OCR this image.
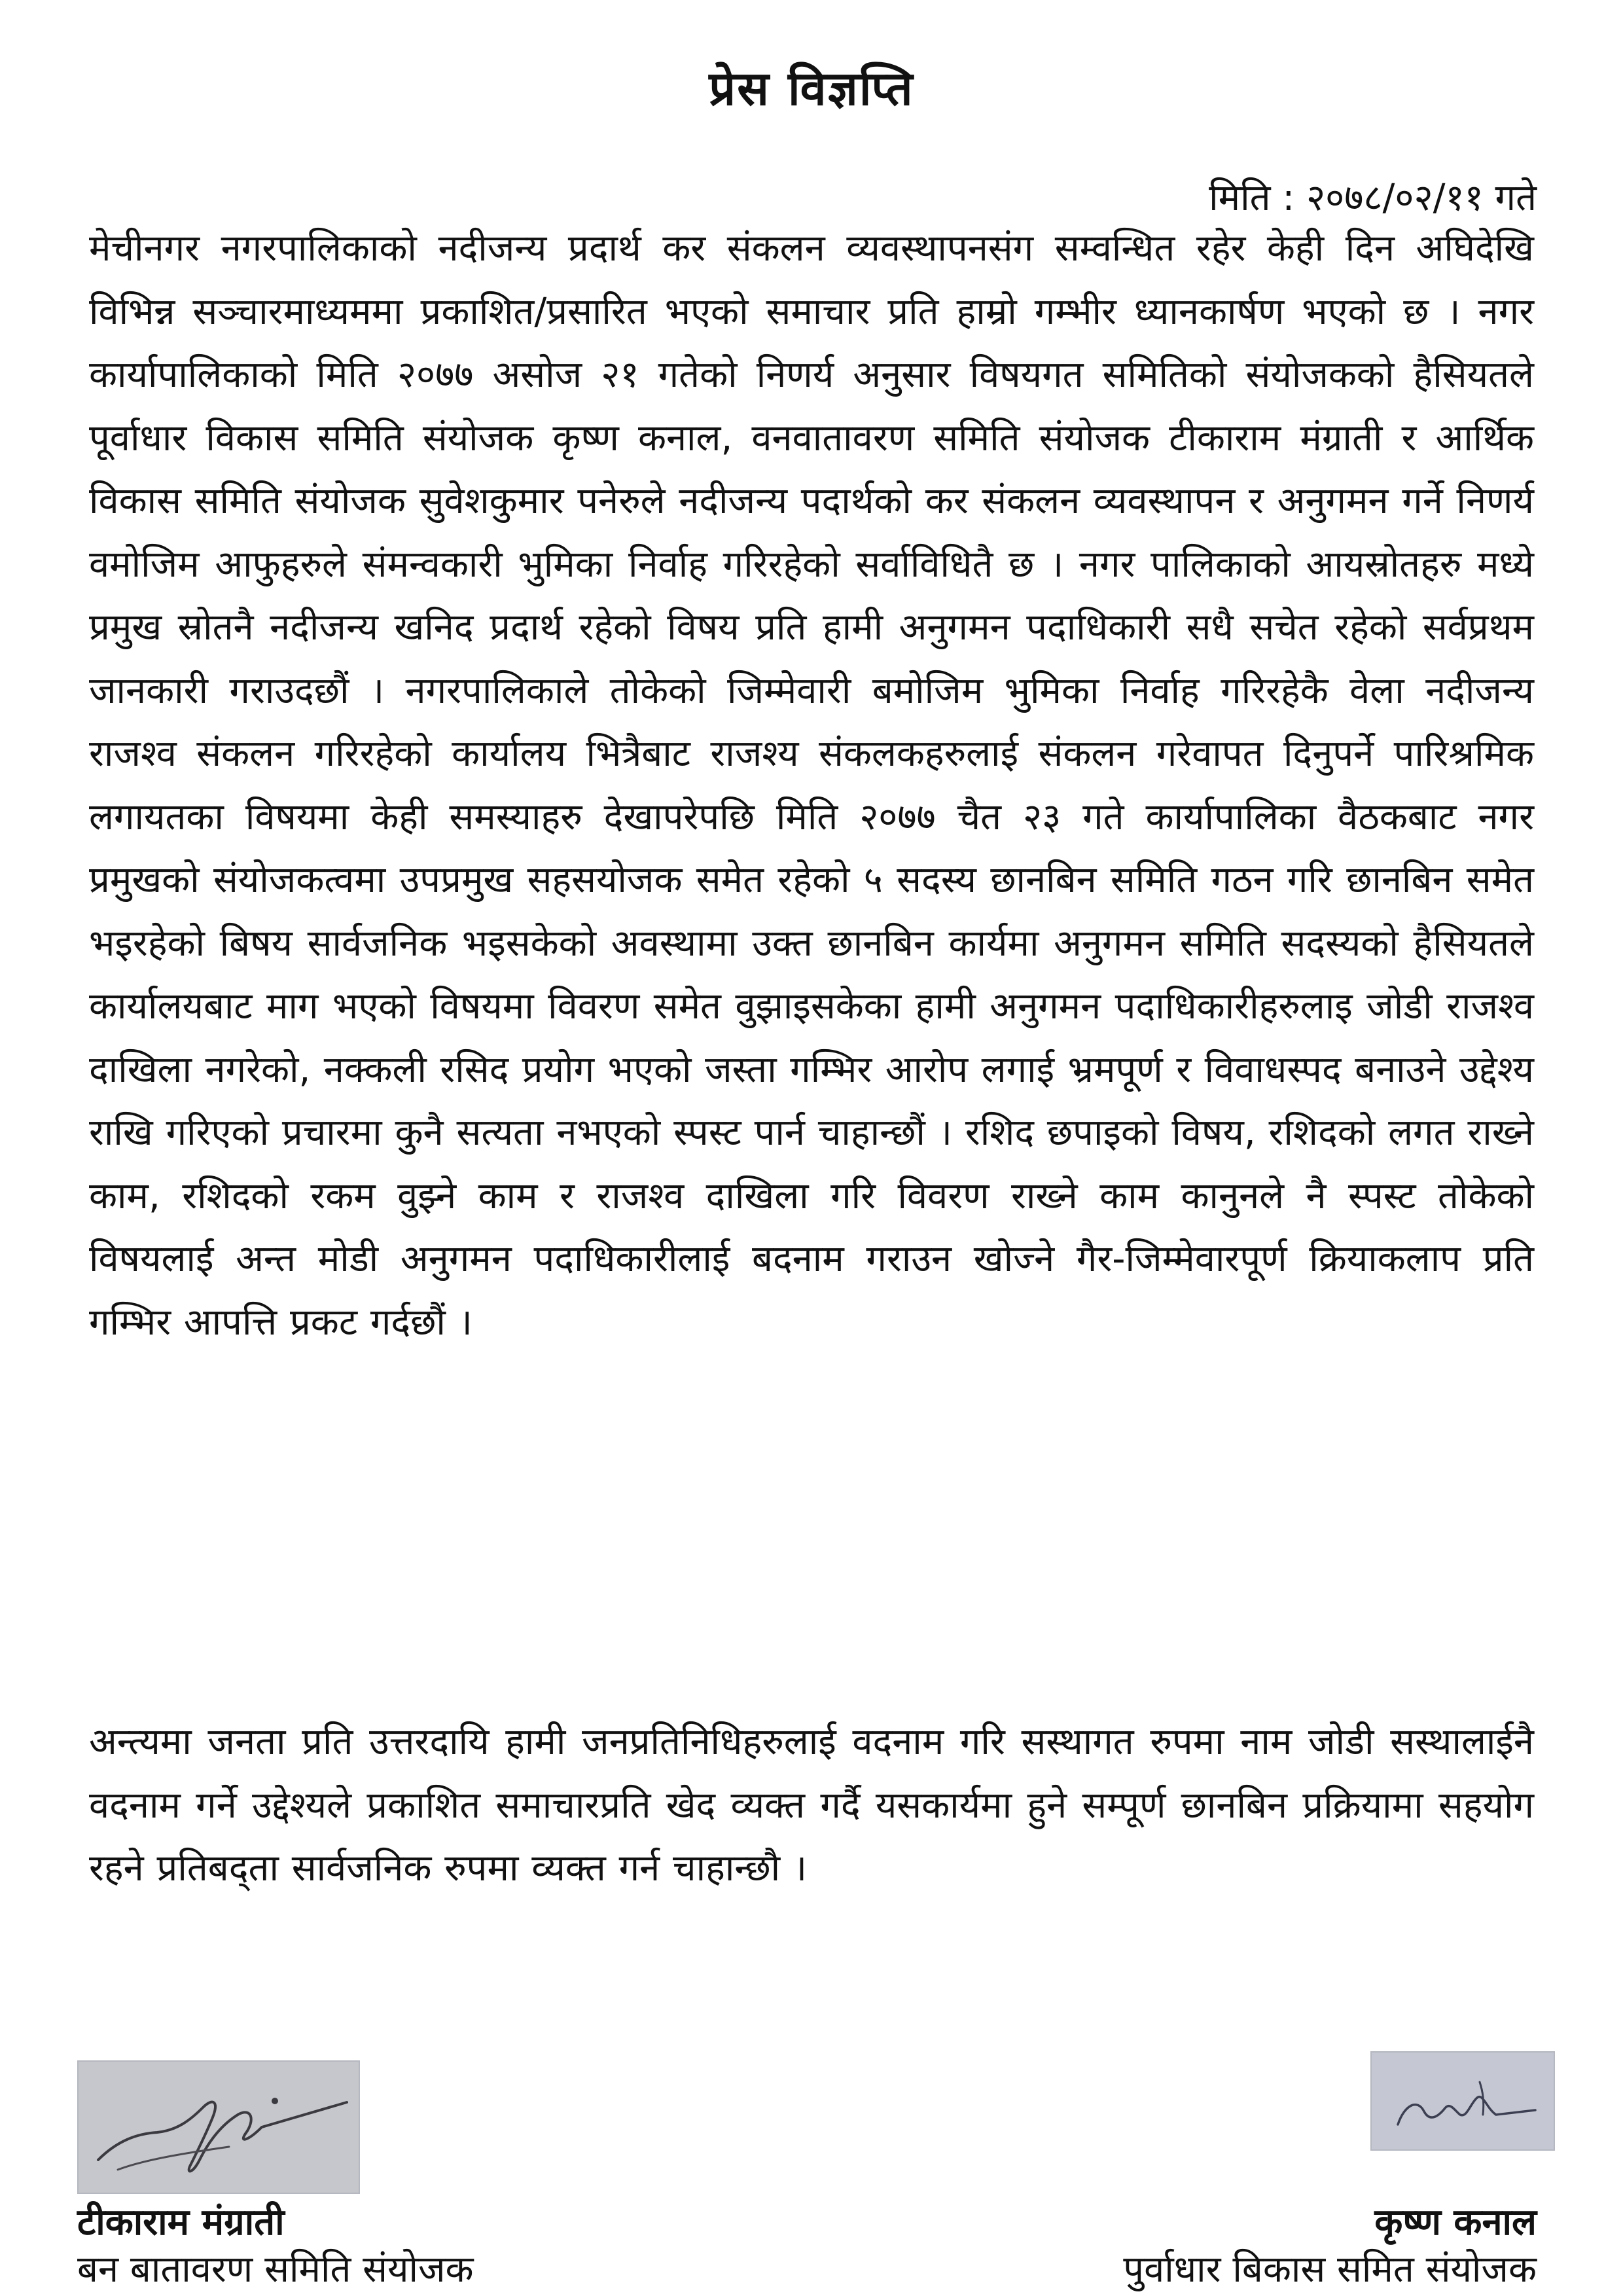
प्रेस विज्ञप्ति
मिति : २०७८/०२/११ गते

मेचीनगर नगरपालिकाको नदीजन्य प्रदार्थ कर संकलन व्यवस्थापनसंग सम्वन्धित रहेर केही दिन अघिदेखि विभिन्न सञ्चारमाध्यममा प्रकाशित/प्रसारित भएको समाचार प्रति हाम्रो गम्भीर ध्यानकार्षण भएको छ । नगर कार्यापालिकाको मिति २०७७ असोज २१ गतेको निणर्य अनुसार विषयगत समितिको संयोजकको हैसियतले पूर्वाधार विकास समिति संयोजक कृष्ण कनाल, वनवातावरण समिति संयोजक टीकाराम मंग्राती र आर्थिक विकास समिति संयोजक सुवेशकुमार पनेरुले नदीजन्य पदार्थको कर संकलन व्यवस्थापन र अनुगमन गर्ने निणर्य वमोजिम आफुहरुले संमन्वकारी भुमिका निर्वाह गरिरहेको सर्वाविधितै छ । नगर पालिकाको आयस्रोतहरु मध्ये प्रमुख स्रोतनै नदीजन्य खनिद प्रदार्थ रहेको विषय प्रति हामी अनुगमन पदाधिकारी सधै सचेत रहेको सर्वप्रथम जानकारी गराउदछौं । नगरपालिकाले तोकेको जिम्मेवारी बमोजिम भुमिका निर्वाह गरिरहेकै वेला नदीजन्य राजश्व संकलन गरिरहेको कार्यालय भित्रैबाट राजश्य संकलकहरुलाई संकलन गरेवापत दिनुपर्ने पारिश्रमिक लगायतका विषयमा केही समस्याहरु देखापरेपछि मिति २०७७ चैत २३ गते कार्यापालिका वैठकबाट नगर प्रमुखको संयोजकत्वमा उपप्रमुख सहसयोजक समेत रहेको ५ सदस्य छानबिन समिति गठन गरि छानबिन समेत भइरहेको बिषय सार्वजनिक भइसकेको अवस्थामा उक्त छानबिन कार्यमा अनुगमन समिति सदस्यको हैसियतले कार्यालयबाट माग भएको विषयमा विवरण समेत वुझाइसकेका हामी अनुगमन पदाधिकारीहरुलाइ जोडी राजश्व दाखिला नगरेको, नक्कली रसिद प्रयोग भएको जस्ता गम्भिर आरोप लगाई भ्रमपूर्ण र विवाधस्पद बनाउने उद्देश्य राखि गरिएको प्रचारमा कुनै सत्यता नभएको स्पस्ट पार्न चाहान्छौं । रशिद छपाइको विषय, रशिदको लगत राख्ने काम, रशिदको रकम वुझ्ने काम र राजश्व दाखिला गरि विवरण राख्ने काम कानुनले नै स्पस्ट तोकेको विषयलाई अन्त मोडी अनुगमन पदाधिकारीलाई बदनाम गराउन खोज्ने गैर-जिम्मेवारपूर्ण क्रियाकलाप प्रति गम्भिर आपत्ति प्रकट गर्दछौं ।

अन्त्यमा जनता प्रति उत्तरदायि हामी जनप्रतिनिधिहरुलाई वदनाम गरि सस्थागत रुपमा नाम जोडी सस्थालाईनै वदनाम गर्ने उद्देश्यले प्रकाशित समाचारप्रति खेद व्यक्त गर्दै यसकार्यमा हुने सम्पूर्ण छानबिन प्रक्रियामा सहयोग रहने प्रतिबद्ता सार्वजनिक रुपमा व्यक्त गर्न चाहान्छौ ।

टीकाराम मंग्राती
बन बातावरण समिति संयोजक
कृष्ण कनाल
पुर्वाधार बिकास समित संयोजक
